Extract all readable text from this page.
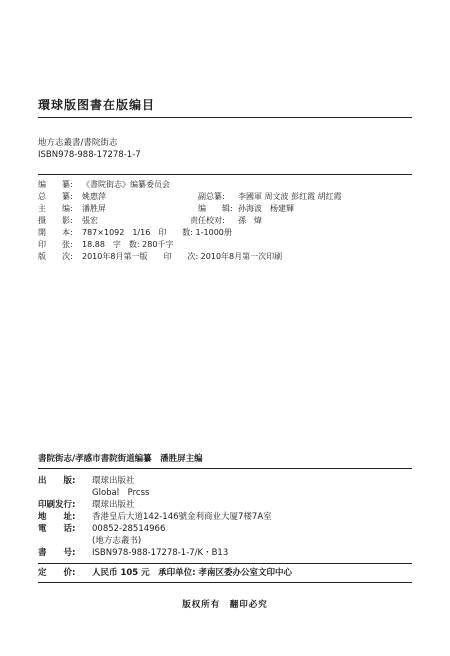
環球版图書在版编目
地方志叢書/書院街志
ISBN978-988-17278-1-7
编　　纂: 《書院街志》编纂委员会
总　　纂: 姚惠萍	副总纂: 李國軍 周文波 彭红霞 胡红霞
主　　编: 潘胜屏	编　　辑: 孙海波　杨建輝
摄　　影: 張宏	责任校对: 孫　煒
開　　本: 787×1092　1/16　印　　数: 1-1000册
印　　张: 18.88　字　数: 280千字
版　　次: 2010年8月第一版　　印　　次: 2010年8月第一次印刷
書院街志/孝感市書院街道编纂　潘胜屏主编
出　　版: 環球出版社
Global　Prcss
印刷发行: 環球出版社
地　　址: 香港皇后大道142-146號金利商业大厦7楼7A室
電　　话: 00852-28514966
(地方志叢书)
書　　号: ISBN978-988-17278-1-7/K・B13
定　　价: 人民币 105 元　承印单位: 孝南区委办公室文印中心
版权所有　翻印必究
